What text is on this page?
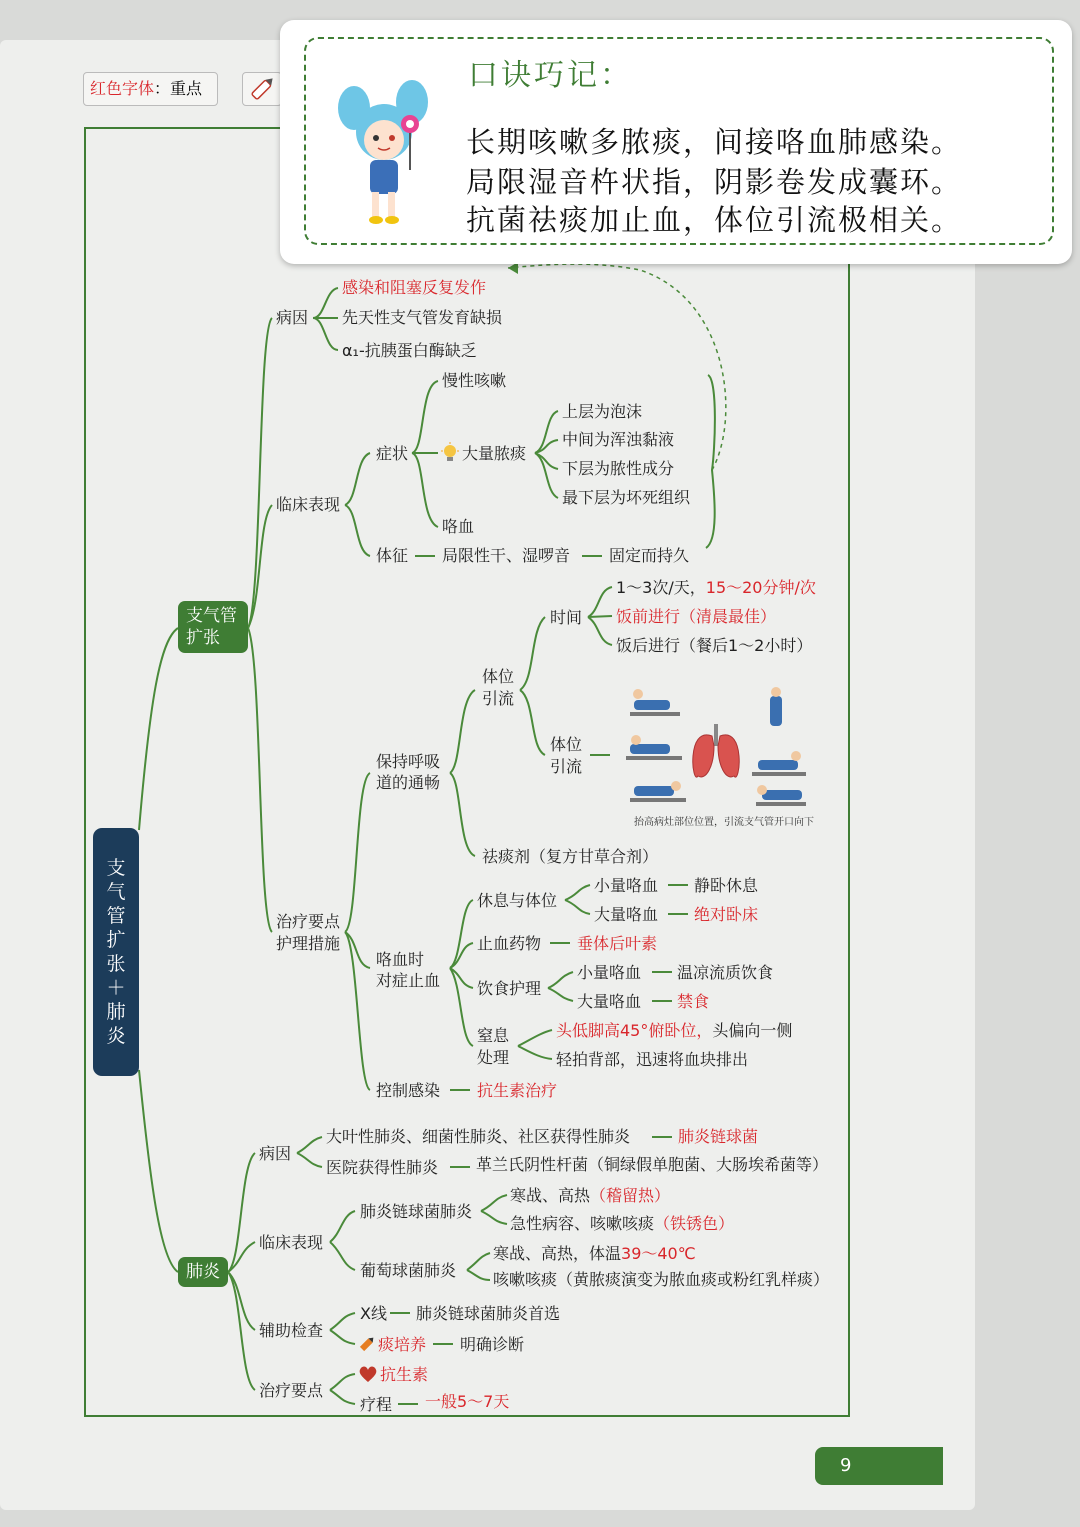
红色字体：重点
支
气
管
扩
张
＋
肺
炎
支气管
扩张
病因
感染和阻塞反复发作
先天性支气管发育缺损
α₁-抗胰蛋白酶缺乏
临床表现
症状
慢性咳嗽
大量脓痰
上层为泡沫
中间为浑浊黏液
下层为脓性成分
最下层为坏死组织
咯血
体征 局限性干、湿啰音 固定而持久
治疗要点
护理措施
保持呼吸
道的通畅
体位
引流
时间
1～3次/天，15～20分钟/次
饭前进行（清晨最佳）
饭后进行（餐后1～2小时）
体位
引流
抬高病灶部位位置，引流支气管开口向下
祛痰剂（复方甘草合剂）
咯血时
对症止血
休息与体位
小量咯血 静卧休息
大量咯血 绝对卧床
止血药物 垂体后叶素
饮食护理
小量咯血 温凉流质饮食
大量咯血 禁食
窒息
处理
头低脚高45°俯卧位，头偏向一侧
轻拍背部，迅速将血块排出
控制感染 抗生素治疗
肺炎
病因
大叶性肺炎、细菌性肺炎、社区获得性肺炎	肺炎链球菌
医院获得性肺炎 革兰氏阴性杆菌（铜绿假单胞菌、大肠埃希菌等）
临床表现
肺炎链球菌肺炎
寒战、高热（稽留热）
急性病容、咳嗽咳痰（铁锈色）
葡萄球菌肺炎
寒战、高热，体温39～40℃
咳嗽咳痰（黄脓痰演变为脓血痰或粉红乳样痰）
辅助检查
X线 肺炎链球菌肺炎首选
痰培养 明确诊断
治疗要点
抗生素
疗程 一般5～7天
口诀巧记：
长期咳嗽多脓痰，间接咯血肺感染。
局限湿音杵状指，阴影卷发成囊环。
抗菌祛痰加止血，体位引流极相关。
9
